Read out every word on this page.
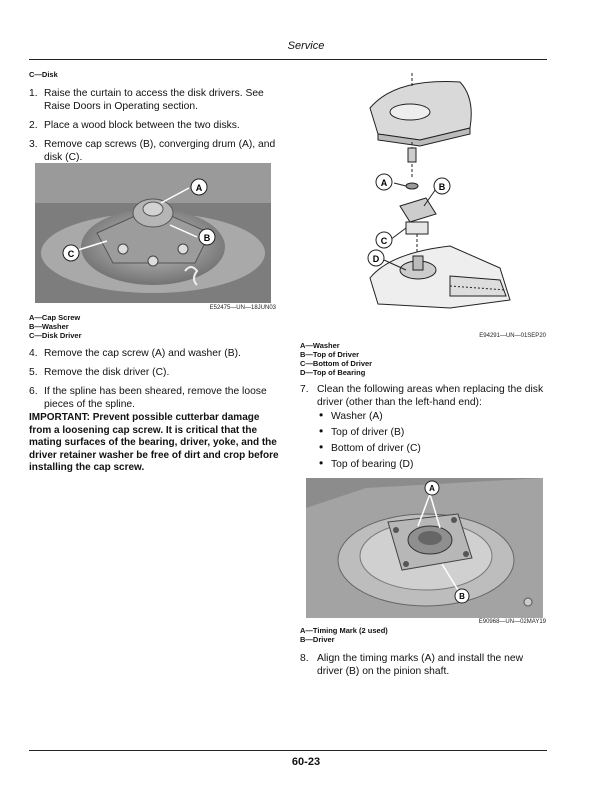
Service
C—Disk
1. Raise the curtain to access the disk drivers. See Raise Doors in Operating section.
2. Place a wood block between the two disks.
3. Remove cap screws (B), converging drum (A), and disk (C).
A
B
C
E52475—UN—18JUN03
A—Cap Screw
B—Washer
C—Disk Driver
4. Remove the cap screw (A) and washer (B).
5. Remove the disk driver (C).
6. If the spline has been sheared, remove the loose pieces of the spline.
IMPORTANT: Prevent possible cutterbar damage from a loosening cap screw. It is critical that the mating surfaces of the bearing, driver, yoke, and the driver retainer washer be free of dirt and crop before installing the cap screw.
A	B
C
D
E94291—UN—01SEP20
A—Washer
B—Top of Driver
C—Bottom of Driver
D—Top of Bearing
7. Clean the following areas when replacing the disk driver (other than the left-hand end):
• Washer (A)
• Top of driver (B)
• Bottom of driver (C)
• Top of bearing (D)
A
B
E90968—UN—02MAY19
A—Timing Mark (2 used)
B—Driver
8. Align the timing marks (A) and install the new driver (B) on the pinion shaft.
60-23
